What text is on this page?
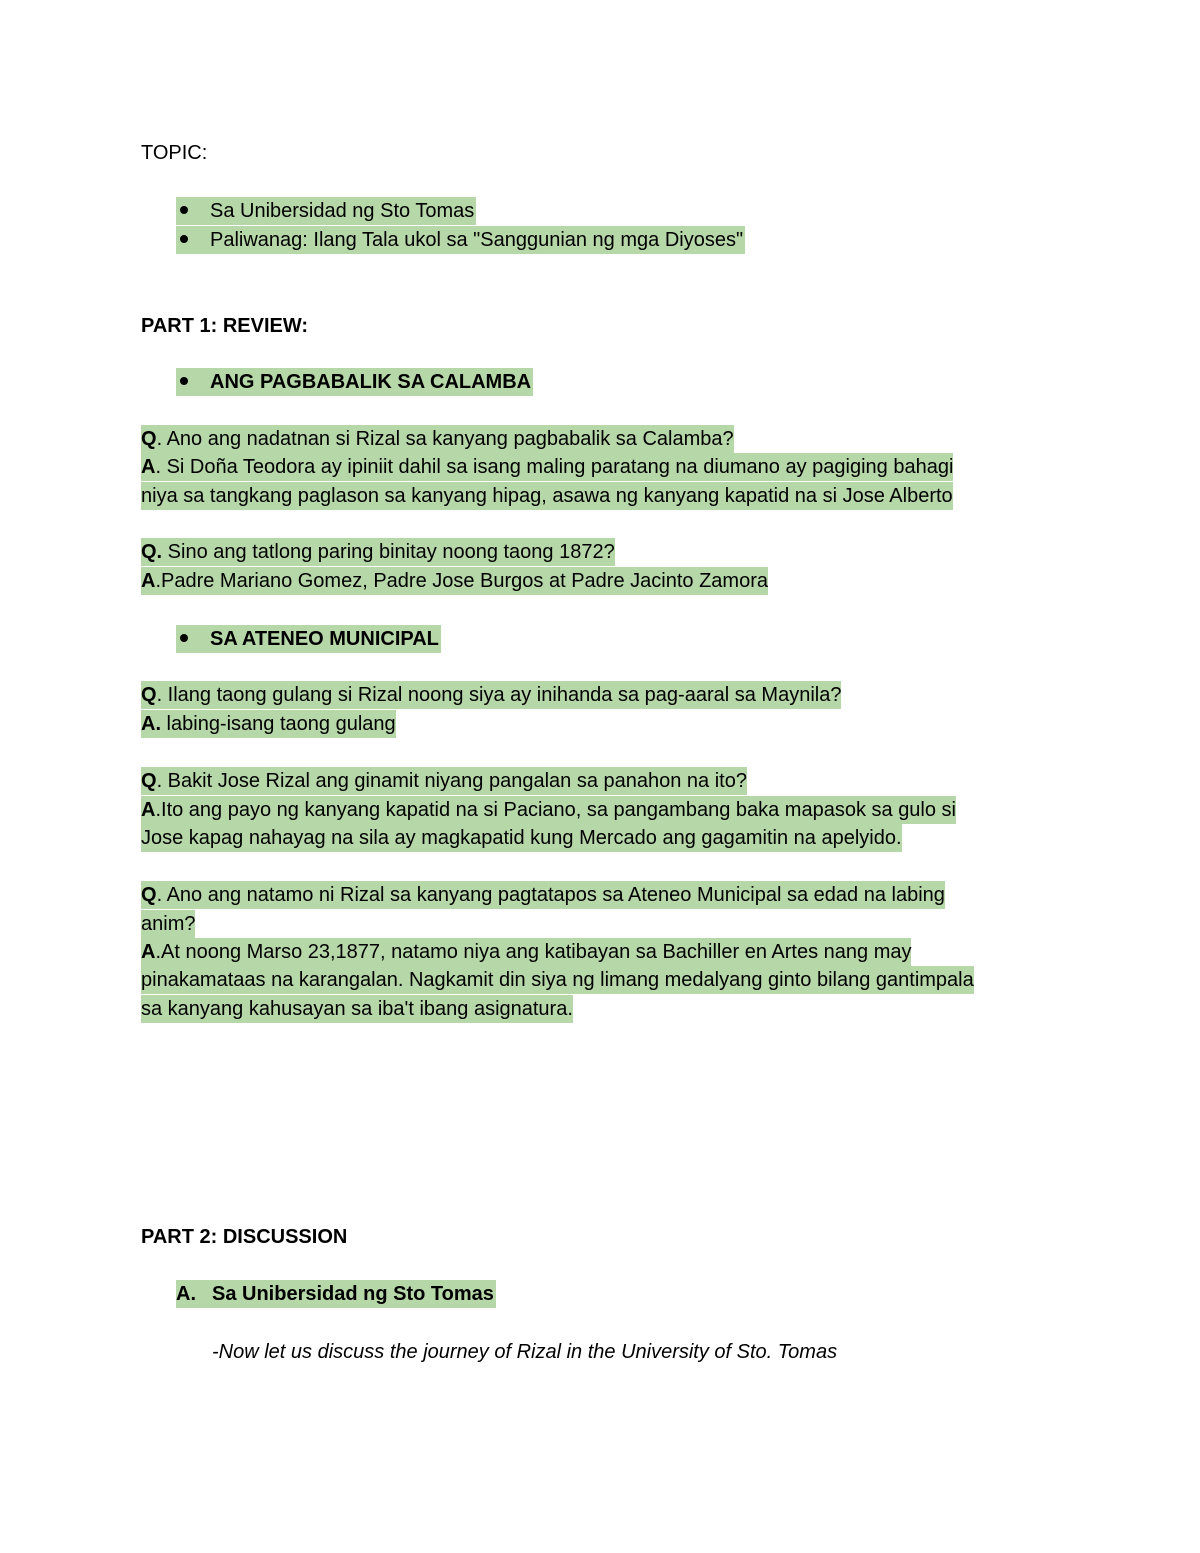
TOPIC:
Sa Unibersidad ng Sto Tomas
Paliwanag: Ilang Tala ukol sa "Sanggunian ng mga Diyoses"
PART 1: REVIEW:
ANG PAGBABALIK SA CALAMBA
Q. Ano ang nadatnan si Rizal sa kanyang pagbabalik sa Calamba?
A. Si Doña Teodora ay ipiniit dahil sa isang maling paratang na diumano ay pagiging bahagi
niya sa tangkang paglason sa kanyang hipag, asawa ng kanyang kapatid na si Jose Alberto
Q. Sino ang tatlong paring binitay noong taong 1872?
A.Padre Mariano Gomez, Padre Jose Burgos at Padre Jacinto Zamora
SA ATENEO MUNICIPAL
Q. Ilang taong gulang si Rizal noong siya ay inihanda sa pag-aaral sa Maynila?
A. labing-isang taong gulang
Q. Bakit Jose Rizal ang ginamit niyang pangalan sa panahon na ito?
A.Ito ang payo ng kanyang kapatid na si Paciano, sa pangambang baka mapasok sa gulo si
Jose kapag nahayag na sila ay magkapatid kung Mercado ang gagamitin na apelyido.
Q. Ano ang natamo ni Rizal sa kanyang pagtatapos sa Ateneo Municipal sa edad na labing
anim?
A.At noong Marso 23,1877, natamo niya ang katibayan sa Bachiller en Artes nang may
pinakamataas na karangalan. Nagkamit din siya ng limang medalyang ginto bilang gantimpala
sa kanyang kahusayan sa iba't ibang asignatura.
PART 2: DISCUSSION
A. Sa Unibersidad ng Sto Tomas
-Now let us discuss the journey of Rizal in the University of Sto. Tomas
